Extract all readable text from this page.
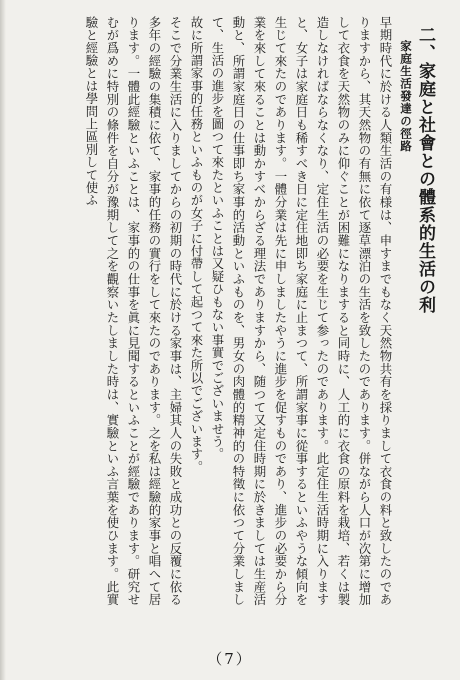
二、家庭と社會との體系的生活の利
家庭生活發達の徑路

早期時代に於ける人類生活の有様は、申すまでもなく天然物共有を採りまして衣食の料と致したのでありますから、其天然物の有無に依て逐草漂泊の生活を致したのであります。併ながら人口が次第に增加して衣食を天然物のみに仰ぐことが困難になりますると同時に、人工的に衣食の原料を栽培、若くは製造しなければならなくなり、定住生活の必要を生じて参ったのであります。此定住生活時期に入りますと、女子は家庭日も稀すべき日に定住地即ち家庭に止まつて、所謂家事に從事するといふやうな傾向を生じて來たのであります。一體分業は先に申しましたやうに進步を促すものであり、進步の必要から分業を來して來ることは動かすべからざる理法でありますから、随つて又定住時期に於きましては生産活動と、所謂家庭日の仕事即ち家事的活動といふものを、男女の肉體的精神的の特徵に依つて分業しまして、生活の進步を圖つて來たといふことは又疑ひもない事實でございませう。

故に所謂家事的任務といふものが女子に付帶して起つて來た所以でございます。

そこで分業生活に入りましてからの初期の時代に於ける家事は、主婦其人の失敗と成功との反覆に依る多年の經驗の集積に依て、家事的任務の實行をして來たのであります。之を私は經驗的家事と唱へて居ります。一體此經驗といふことは、家事的の仕事を眞に見聞するといふことが經驗であります。研究せむが爲めに特別の條件を自分が豫期して之を觀察いたしました時は、實驗といふ言葉を使ひます。此實驗と經驗とは學問上區別して使ふ

（7）
